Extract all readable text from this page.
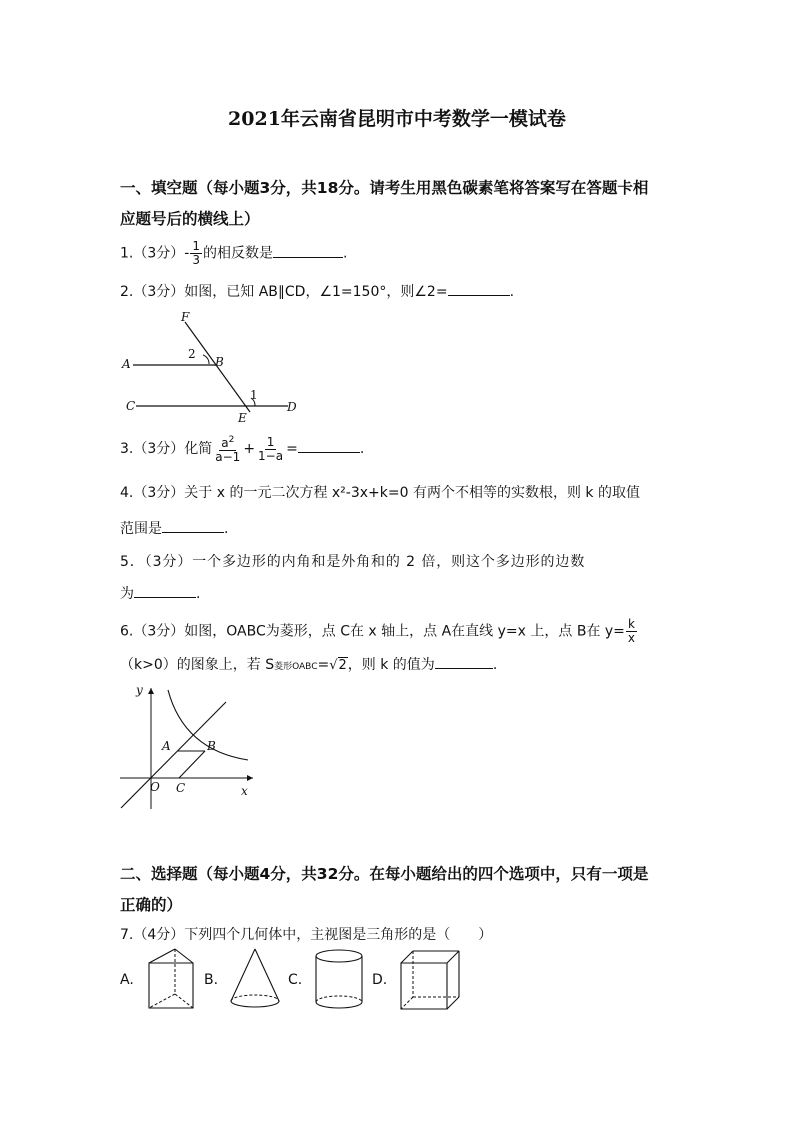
2021年云南省昆明市中考数学一模试卷
一、填空题（每小题3分，共18分。请考生用黑色碳素笔将答案写在答题卡相
应题号后的横线上）
1.（3分）- $\frac{1}{3}$ 的相反数是	.
2.（3分）如图，已知 AB∥CD，∠1=150°，则∠2=	.
F
A	B
C	D
E
1
2
3.（3分）化简 $\frac{a^2}{a-1} + \frac{1}{1-a}$ =	.
4.（3分）关于 x 的一元二次方程 x²-3x+k=0 有两个不相等的实数根，则 k 的取值
范围是	.
5．（3分）一个多边形的内角和是外角和的 2 倍，则这个多边形的边数
为	.
6.（3分）如图，OABC为菱形，点 C在 x 轴上，点 A在直线 y=x 上，点 B在 $y= \frac{k}{x}$
（k>0）的图象上，若 S菱形OABC=√2，则 k 的值为	.
y
x
O
A	B
C
二、选择题（每小题4分，共32分。在每小题给出的四个选项中，只有一项是
正确的）
7.（4分）下列四个几何体中，主视图是三角形的是（　　）
A.	B.	C.	D.
